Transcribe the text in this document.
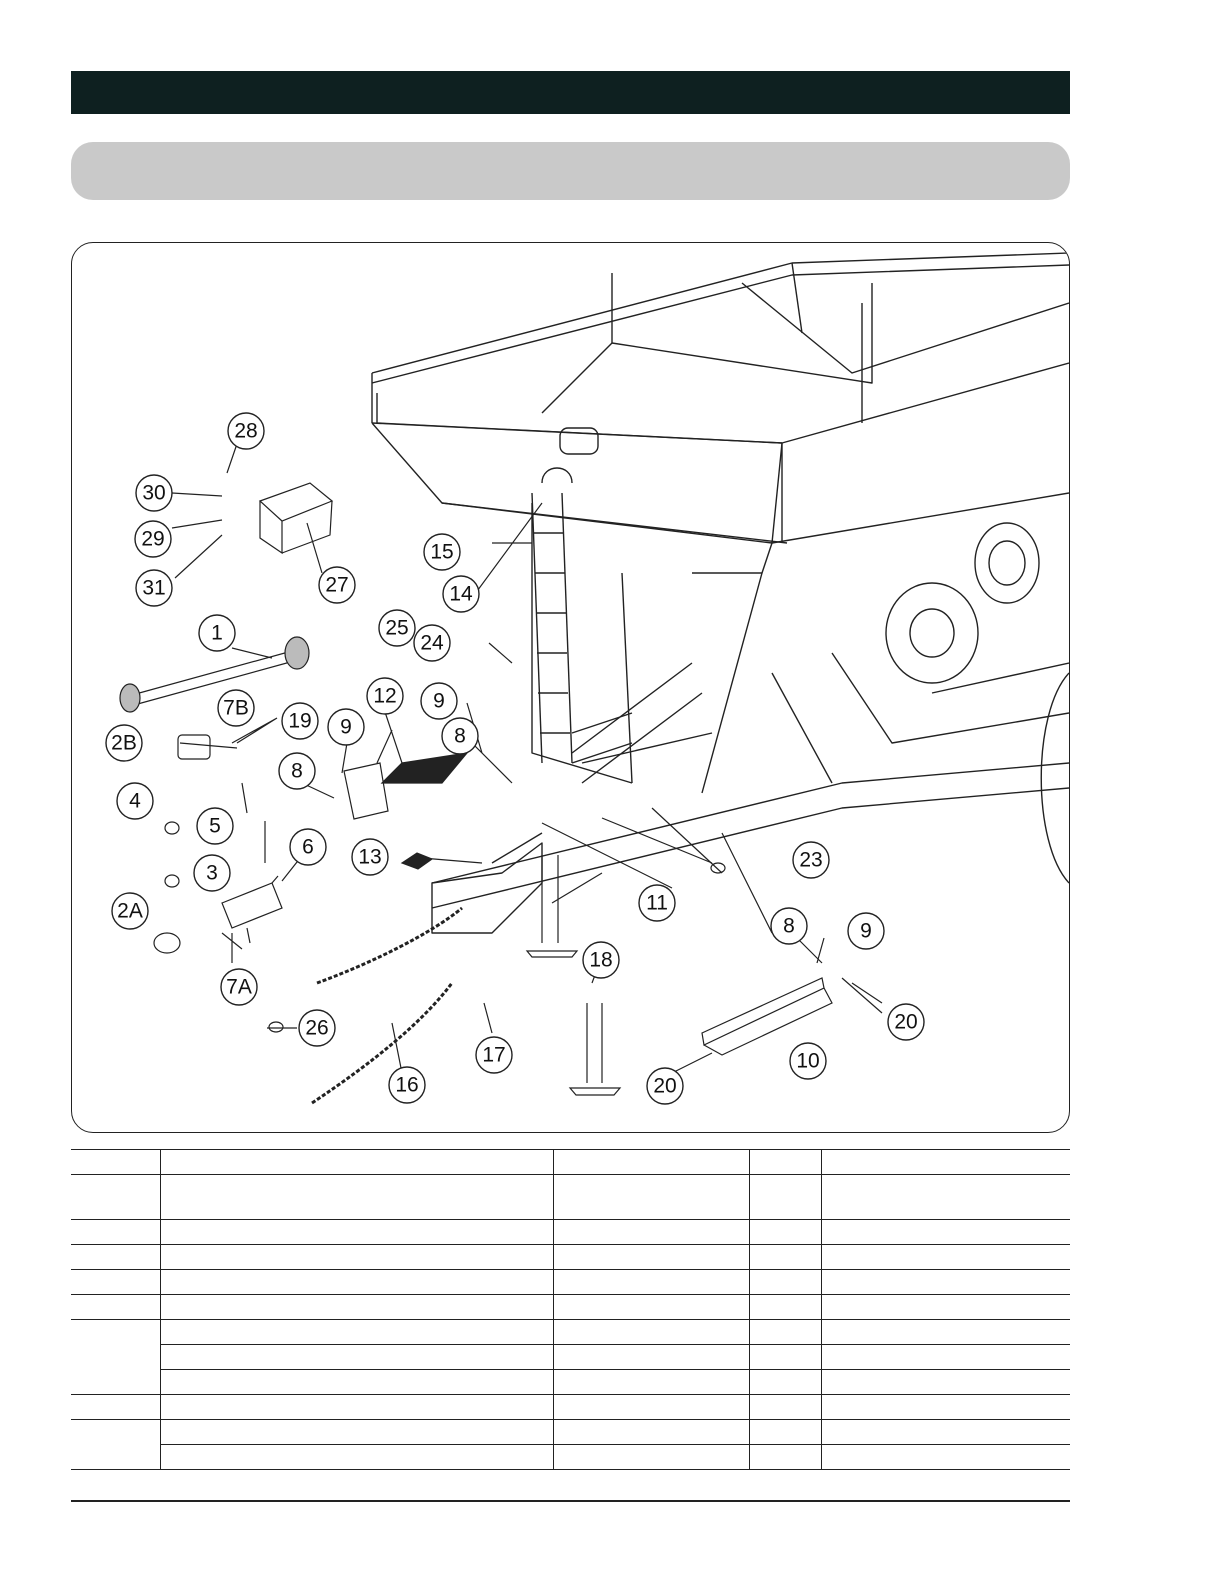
1
2A
2B
3
4
5
6
7A
7B
8
8
8
9
9
9
10
11
12
13
14
15
16
17
18
19
20
20
23
24
25
26
27
28
29
30
31
